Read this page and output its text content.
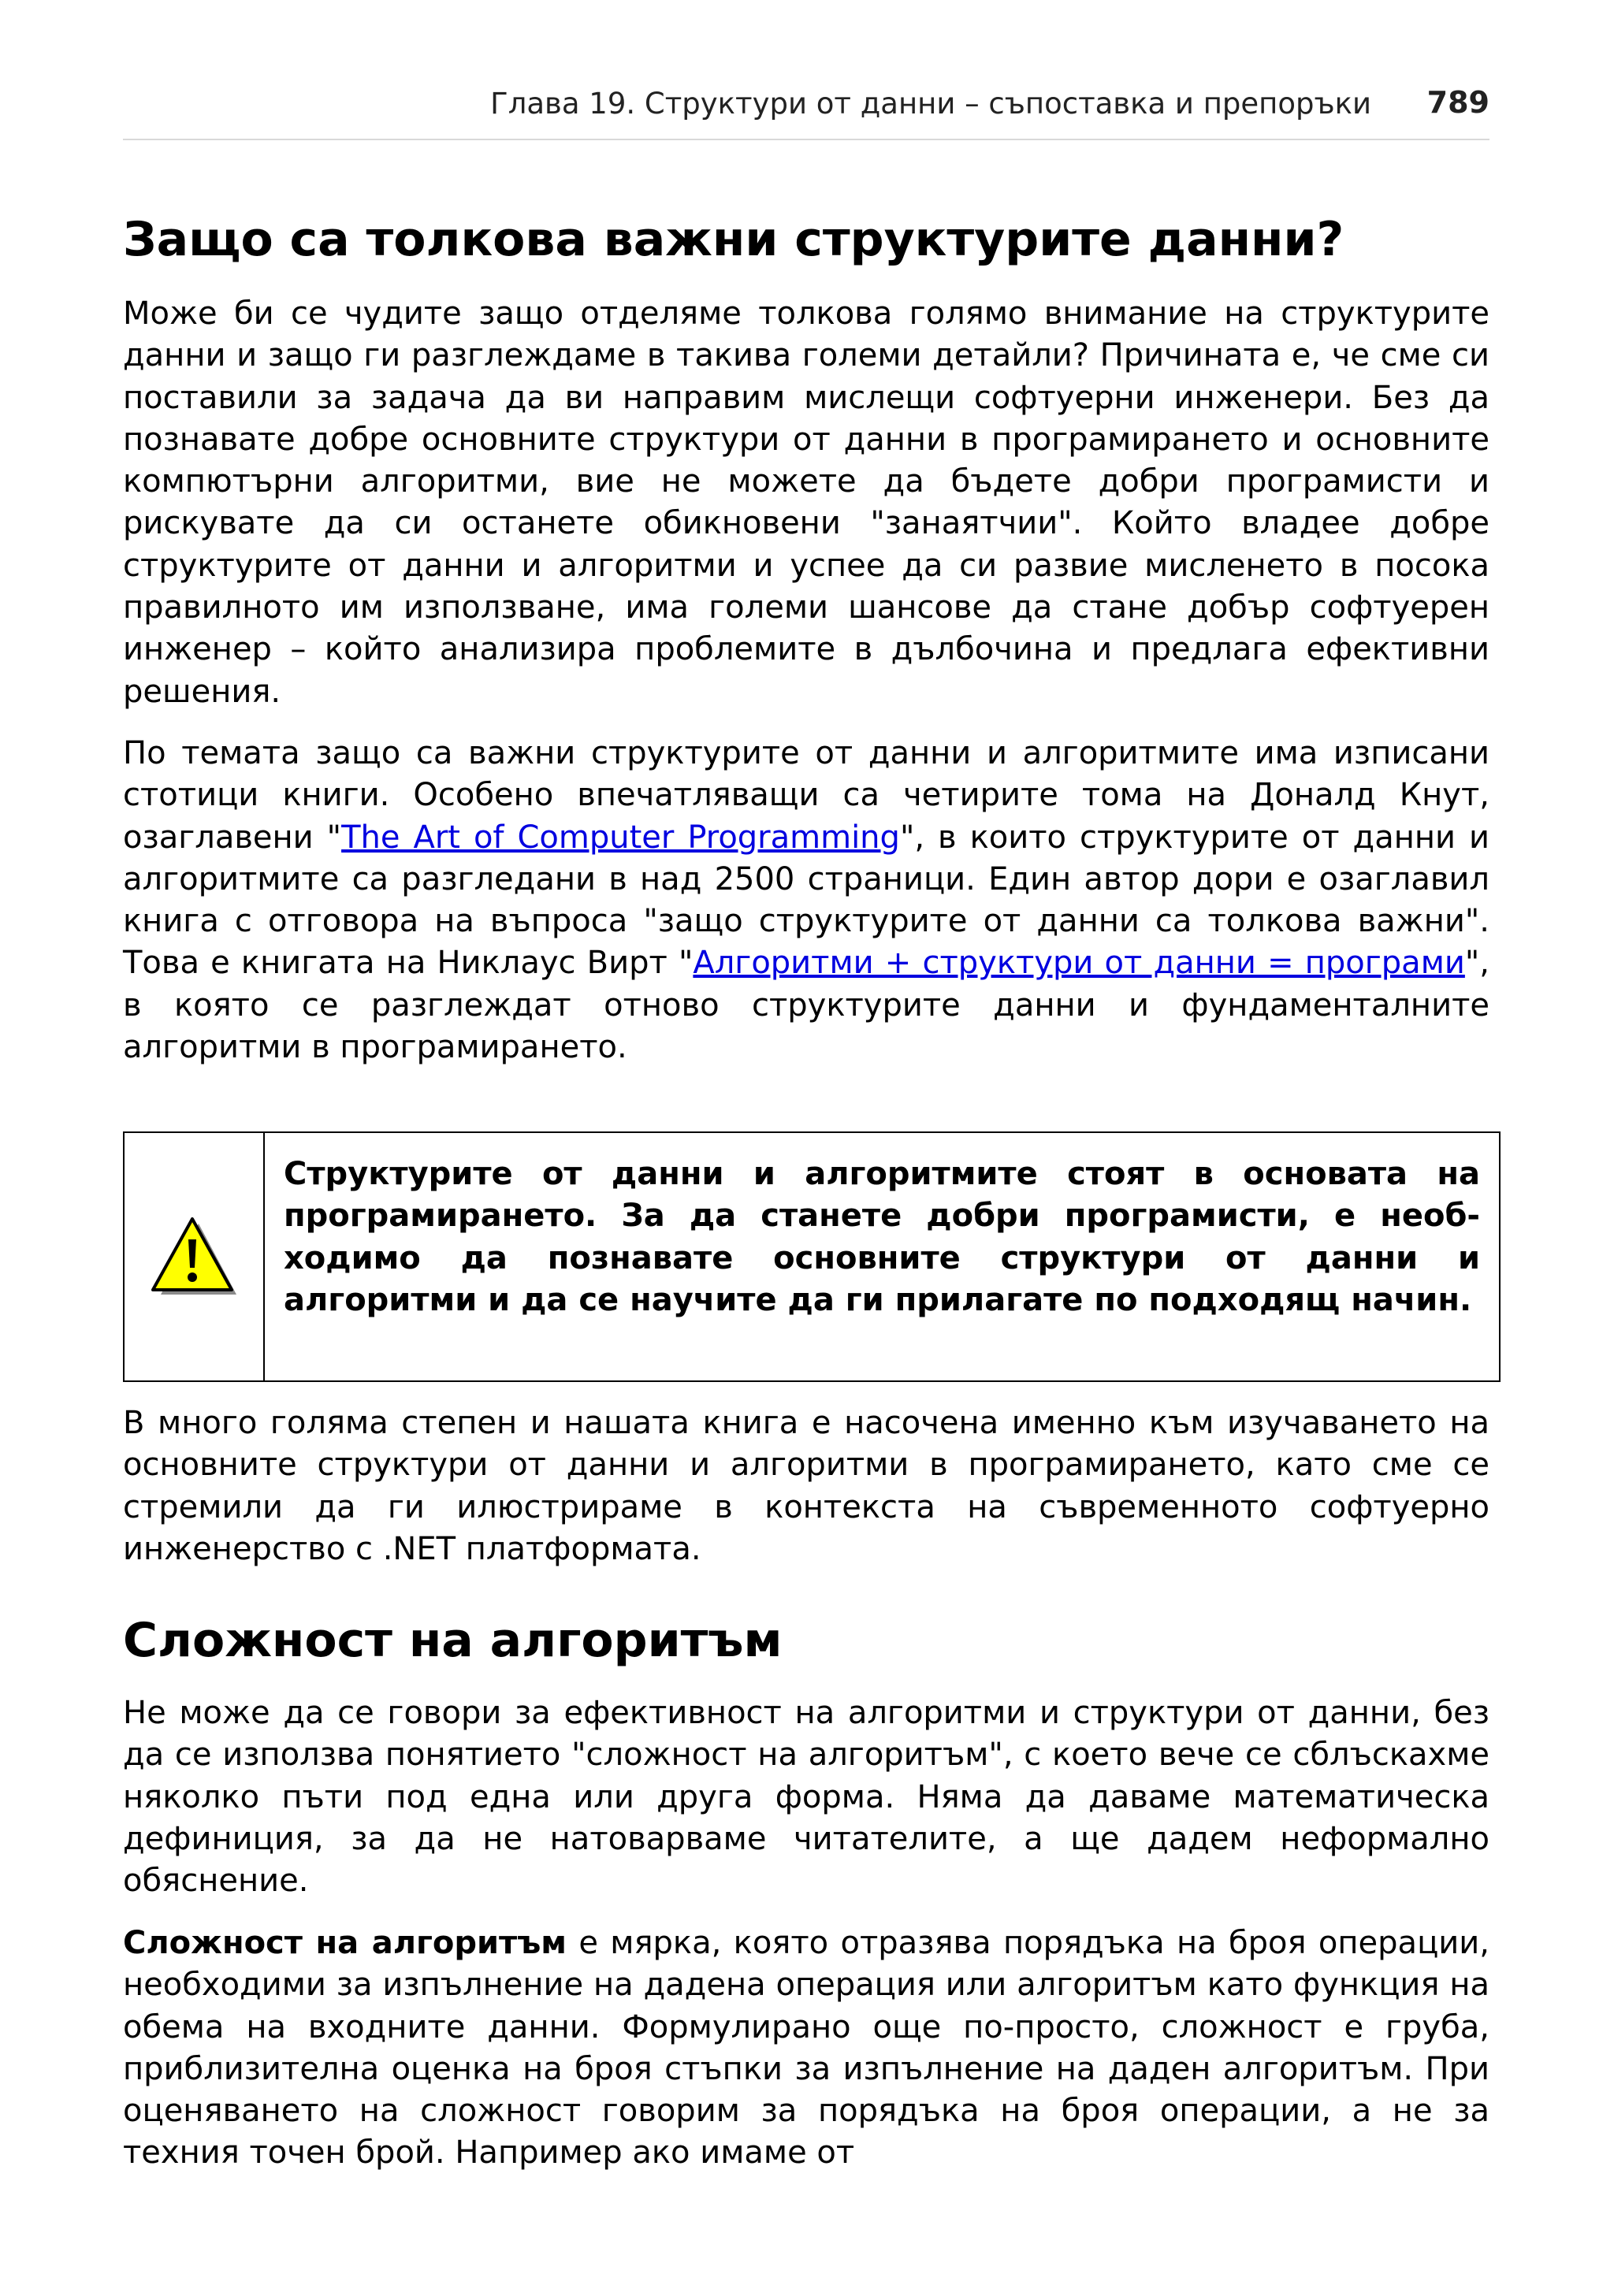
Глава 19. Структури от данни – съпоставка и препоръки 789
Защо са толкова важни структурите данни?

Може би се чудите защо отделяме толкова голямо внимание на структурите данни и защо ги разглеждаме в такива големи детайли? Причината е, че сме си поставили за задача да ви направим мислещи софтуерни инженери. Без да познавате добре основните структури от данни в програмирането и основните компютърни алгоритми, вие не можете да бъдете добри програмисти и рискувате да си останете обикновени "занаятчии". Който владее добре структурите от данни и алгоритми и успее да си развие мисленето в посока правилното им използване, има големи шансове да стане добър софтуерен инженер – който анализира проблемите в дълбочина и предлага ефективни решения.

По темата защо са важни структурите от данни и алгоритмите има изписани стотици книги. Особено впечатляващи са четирите тома на Доналд Кнут, озаглавени "The Art of Computer Programming", в които структурите от данни и алгоритмите са разгледани в над 2500 страници. Един автор дори е озаглавил книга с отговора на въпроса "защо структурите от данни са толкова важни". Това е книгата на Никлаус Вирт "Алгоритми + структури от данни = програми", в която се разглеждат отново структурите данни и фундаменталните алгоритми в програмирането.

Структурите от данни и алгоритмите стоят в основата на програмирането. За да станете добри програмисти, е необходимо да познавате основните структури от данни и алгоритми и да се научите да ги прилагате по подходящ начин.

В много голяма степен и нашата книга е насочена именно към изучаването на основните структури от данни и алгоритми в програмирането, като сме се стремили да ги илюстрираме в контекста на съвременното софтуерно инженерство с .NET платформата.

Сложност на алгоритъм

Не може да се говори за ефективност на алгоритми и структури от данни, без да се използва понятието "сложност на алгоритъм", с което вече се сблъскахме няколко пъти под една или друга форма. Няма да даваме математическа дефиниция, за да не натоварваме читателите, а ще дадем неформално обяснение.

Сложност на алгоритъм е мярка, която отразява порядъка на броя операции, необходими за изпълнение на дадена операция или алгоритъм като функция на обема на входните данни. Формулирано още по-просто, сложност е груба, приблизителна оценка на броя стъпки за изпълнение на даден алгоритъм. При оценяването на сложност говорим за порядъка на броя операции, а не за техния точен брой. Например ако имаме от
